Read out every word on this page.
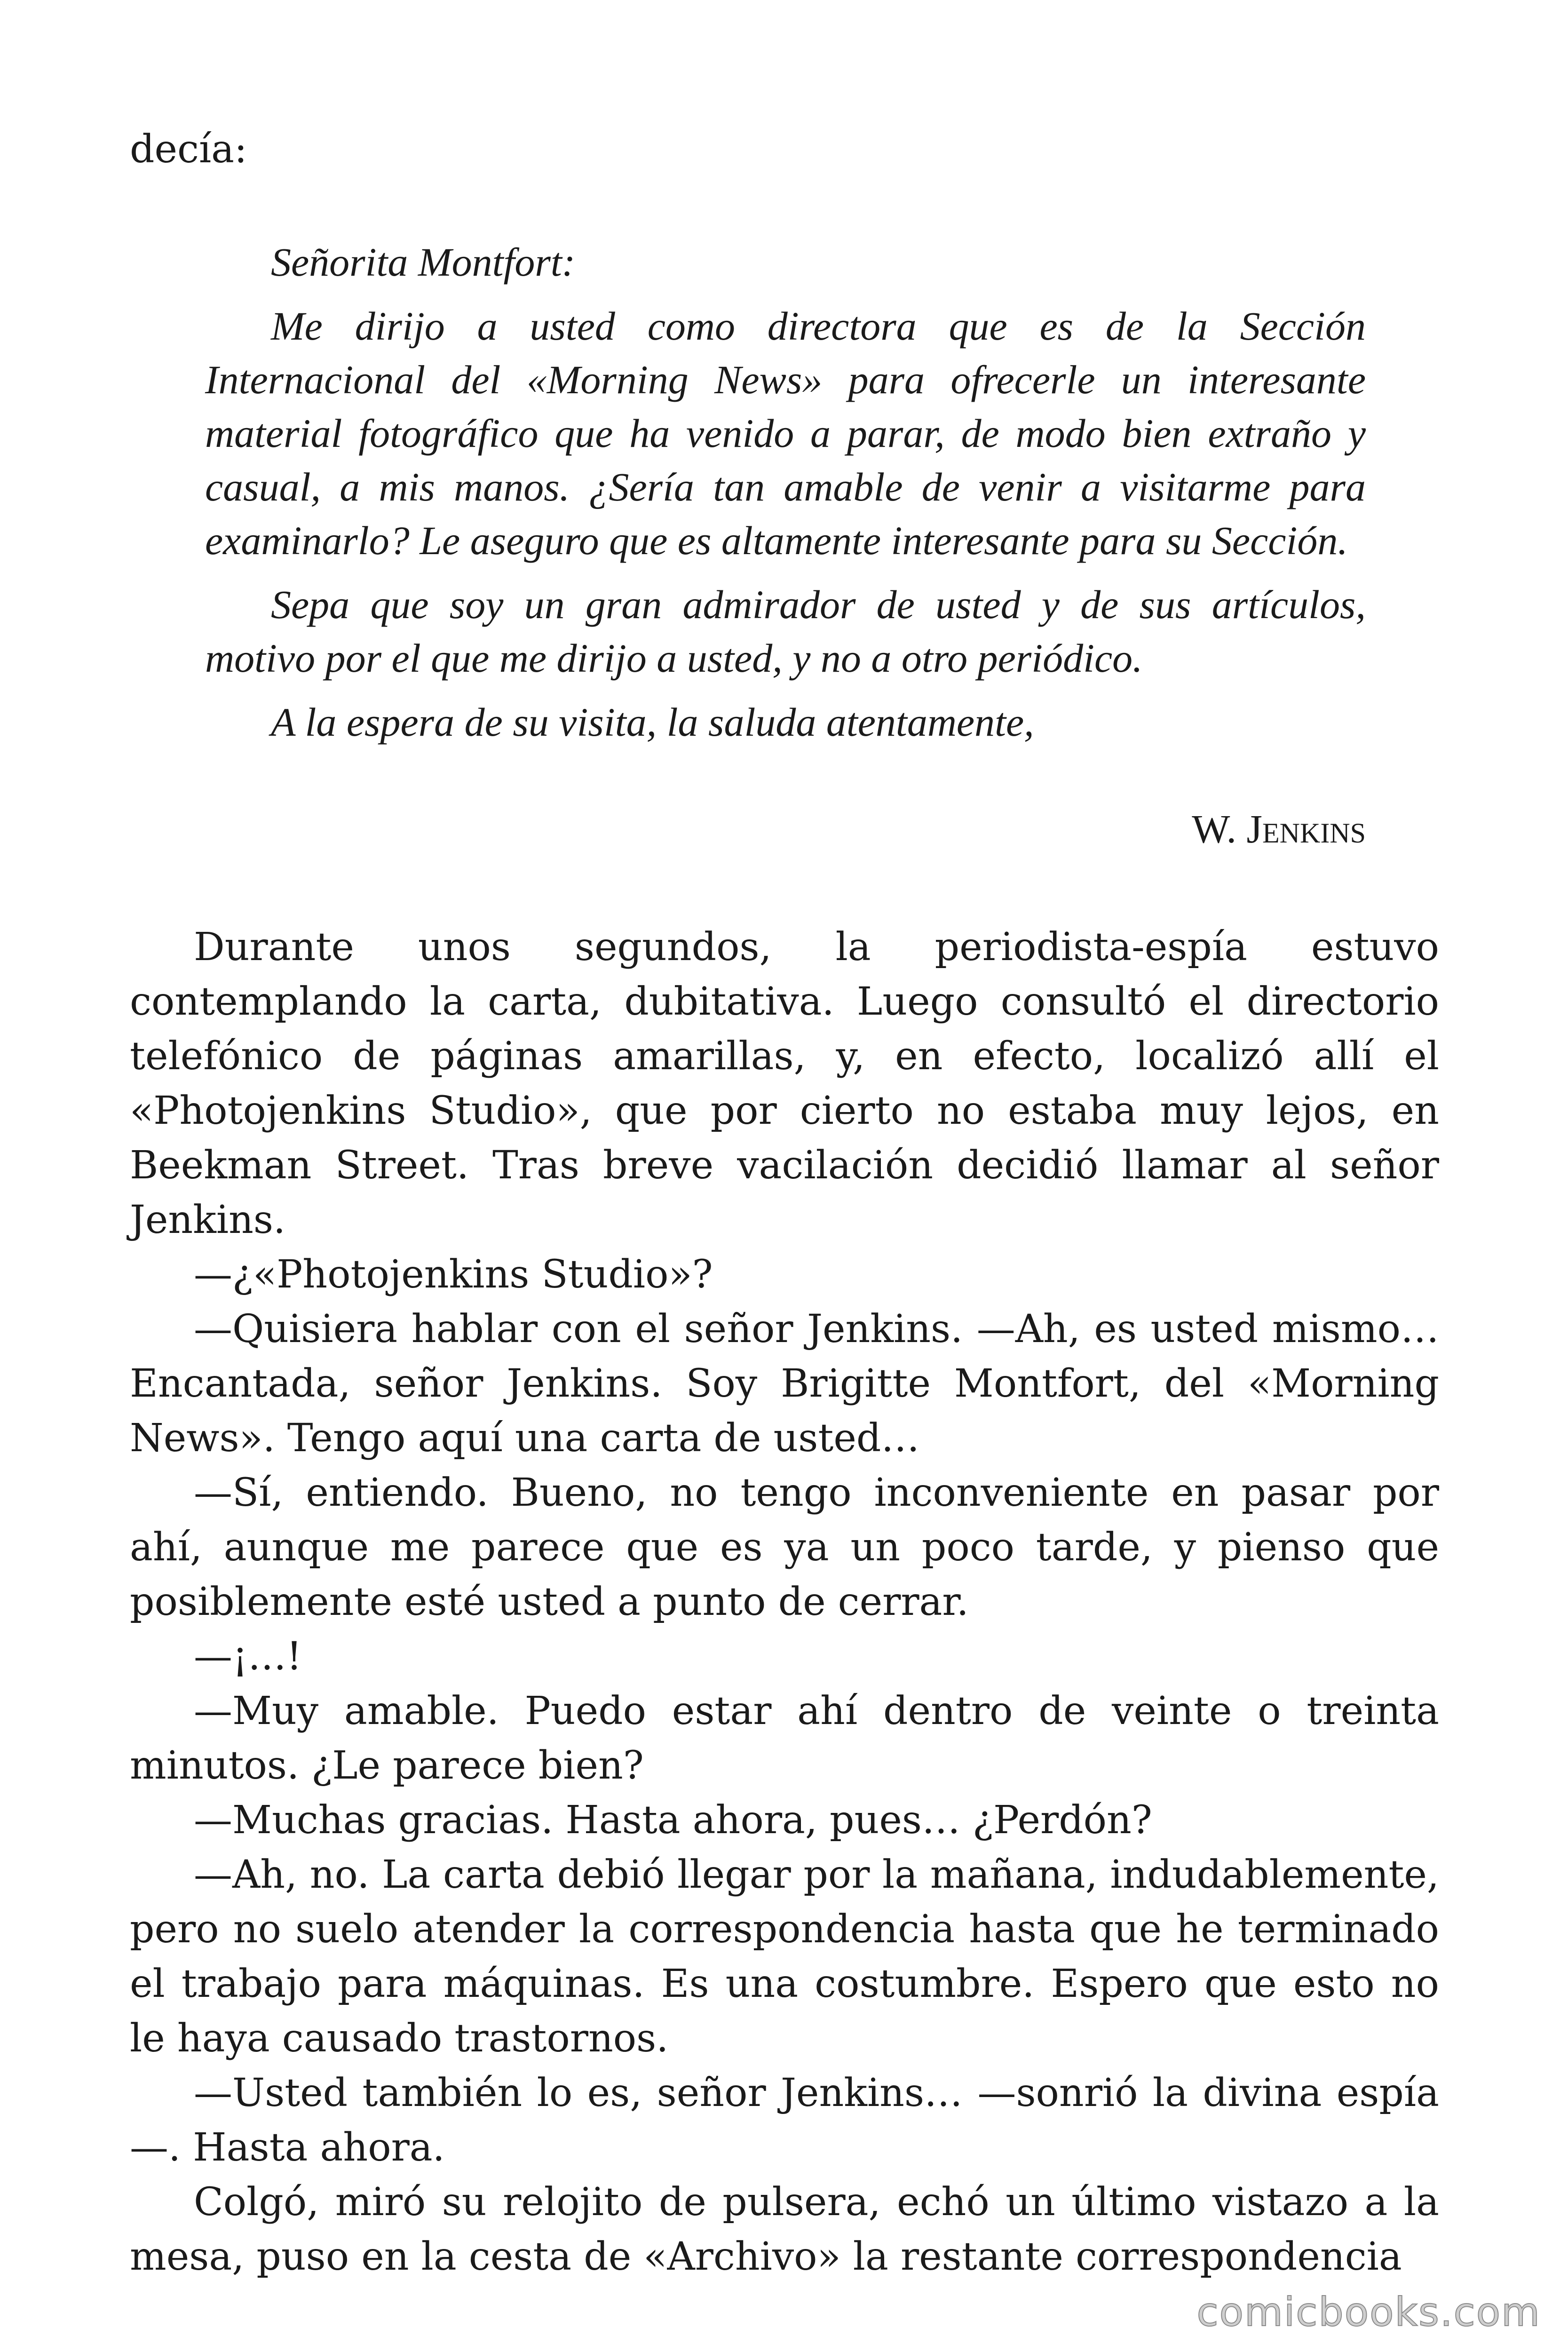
decía:

Señorita Montfort:

Me dirijo a usted como directora que es de la Sección Internacional del «Morning News» para ofrecerle un interesante material fotográfico que ha venido a parar, de modo bien extraño y casual, a mis manos. ¿Sería tan amable de venir a visitarme para examinarlo? Le aseguro que es altamente interesante para su Sección.

Sepa que soy un gran admirador de usted y de sus artículos, motivo por el que me dirijo a usted, y no a otro periódico.

A la espera de su visita, la saluda atentamente,

W. Jenkins

Durante unos segundos, la periodista-espía estuvo contemplando la carta, dubitativa. Luego consultó el directorio telefónico de páginas amarillas, y, en efecto, localizó allí el «Photojenkins Studio», que por cierto no estaba muy lejos, en Beekman Street. Tras breve vacilación decidió llamar al señor Jenkins.

—¿«Photojenkins Studio»?

—Quisiera hablar con el señor Jenkins. —Ah, es usted mismo… Encantada, señor Jenkins. Soy Brigitte Montfort, del «Morning News». Tengo aquí una carta de usted…

—Sí, entiendo. Bueno, no tengo inconveniente en pasar por ahí, aunque me parece que es ya un poco tarde, y pienso que posiblemente esté usted a punto de cerrar.

—¡…!

—Muy amable. Puedo estar ahí dentro de veinte o treinta minutos. ¿Le parece bien?

—Muchas gracias. Hasta ahora, pues… ¿Perdón?

—Ah, no. La carta debió llegar por la mañana, indudablemente, pero no suelo atender la correspondencia hasta que he terminado el trabajo para máquinas. Es una costumbre. Espero que esto no le haya causado trastornos.

—Usted también lo es, señor Jenkins… —sonrió la divina espía —. Hasta ahora.

Colgó, miró su relojito de pulsera, echó un último vistazo a la mesa, puso en la cesta de «Archivo» la restante correspondencia

comicbooks.com
